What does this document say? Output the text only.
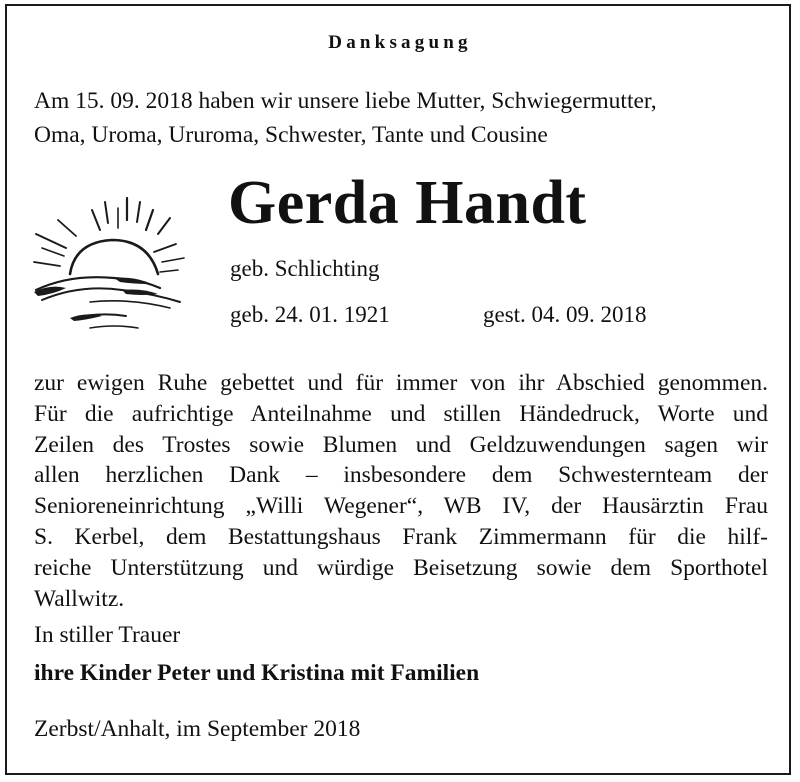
Danksagung
Am 15. 09. 2018 haben wir unsere liebe Mutter, Schwiegermutter,
Oma, Uroma, Ururoma, Schwester, Tante und Cousine
Gerda Handt
geb. Schlichting
geb. 24. 01. 1921	gest. 04. 09. 2018
zur ewigen Ruhe gebettet und für immer von ihr Abschied genommen.
Für die aufrichtige Anteilnahme und stillen Händedruck, Worte und
Zeilen des Trostes sowie Blumen und Geldzuwendungen sagen wir
allen herzlichen Dank – insbesondere dem Schwesternteam der
Senioreneinrichtung „Willi Wegener“, WB IV, der Hausärztin Frau
S. Kerbel, dem Bestattungshaus Frank Zimmermann für die hilf-
reiche Unterstützung und würdige Beisetzung sowie dem Sporthotel
Wallwitz.
In stiller Trauer
ihre Kinder Peter und Kristina mit Familien
Zerbst/Anhalt, im September 2018
